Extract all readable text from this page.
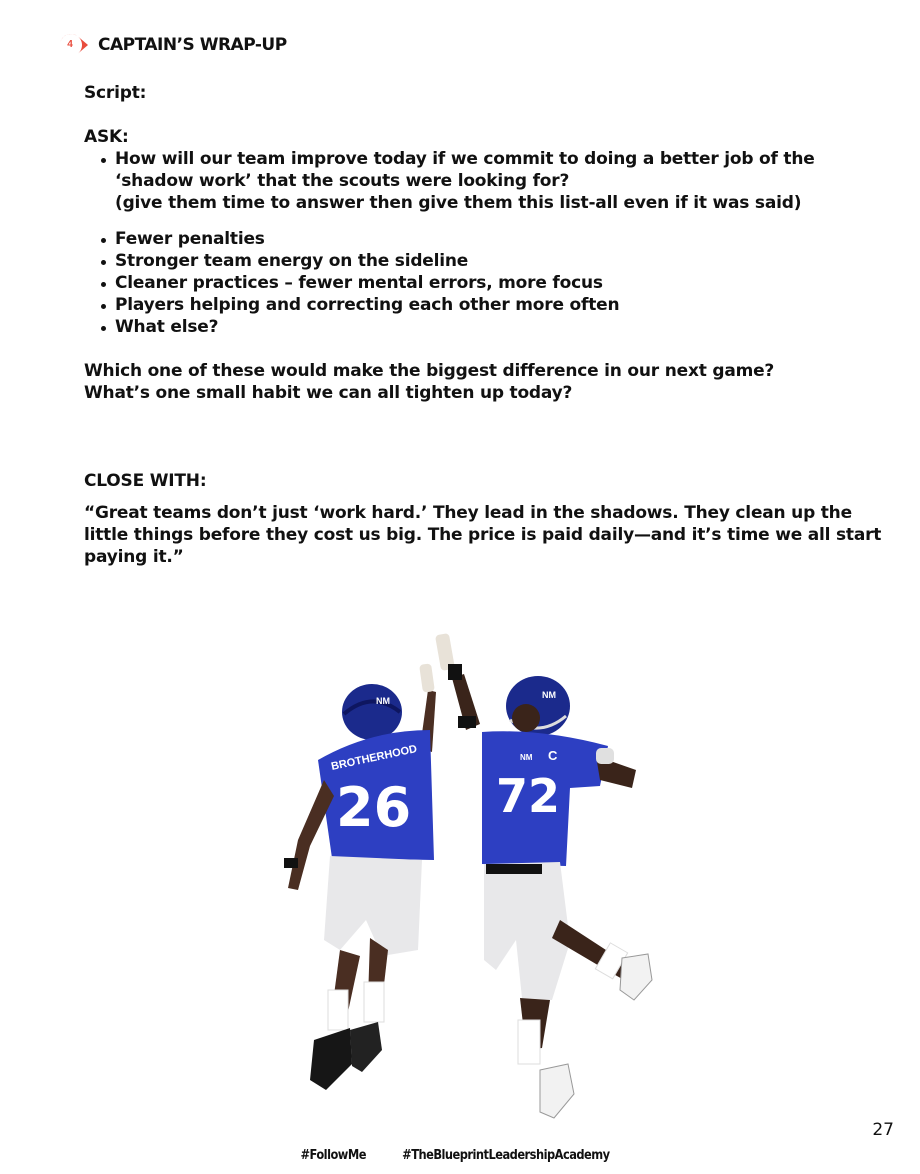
4	CAPTAIN’S WRAP-UP

Script:

ASK:

How will our team improve today if we commit to doing a better job of the
‘shadow work’ that the scouts were looking for?

(give them time to answer then give them this list-all even if it was said)

Fewer penalties
Stronger team energy on the sideline
Cleaner practices – fewer mental errors, more focus
Players helping and correcting each other more often
What else?

Which one of these would make the biggest difference in our next game?

What’s one small habit we can all tighten up today?

CLOSE WITH:

“Great teams don’t just ‘work hard.’ They lead in the shadows. They clean up the little things before they cost us big. The price is paid daily—and it’s time we all start paying it.”

NM
BROTHERHOOD
26
NM
NM C
72
27
#FollowMe	#TheBlueprintLeadershipAcademy
